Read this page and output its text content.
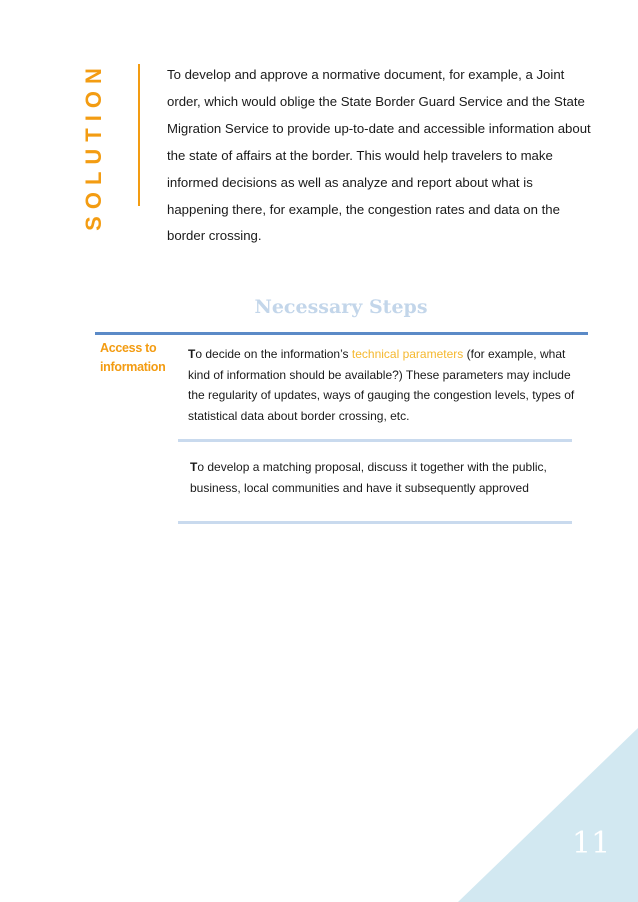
SOLUTION	To develop and approve a normative document, for example, a Joint order, which would oblige the State Border Guard Service and the State Migration Service to provide up-to-date and accessible information about the state of affairs at the border. This would help travelers to make informed decisions as well as analyze and report about what is happening there, for example, the congestion rates and data on the border crossing.

Necessary Steps
Access to information

To decide on the information’s technical parameters (for example, what kind of information should be available?) These parameters may include the regularity of updates, ways of gauging the congestion levels, types of statistical data about border crossing, etc.

To develop a matching proposal, discuss it together with the public, business, local communities and have it subsequently approved

11
